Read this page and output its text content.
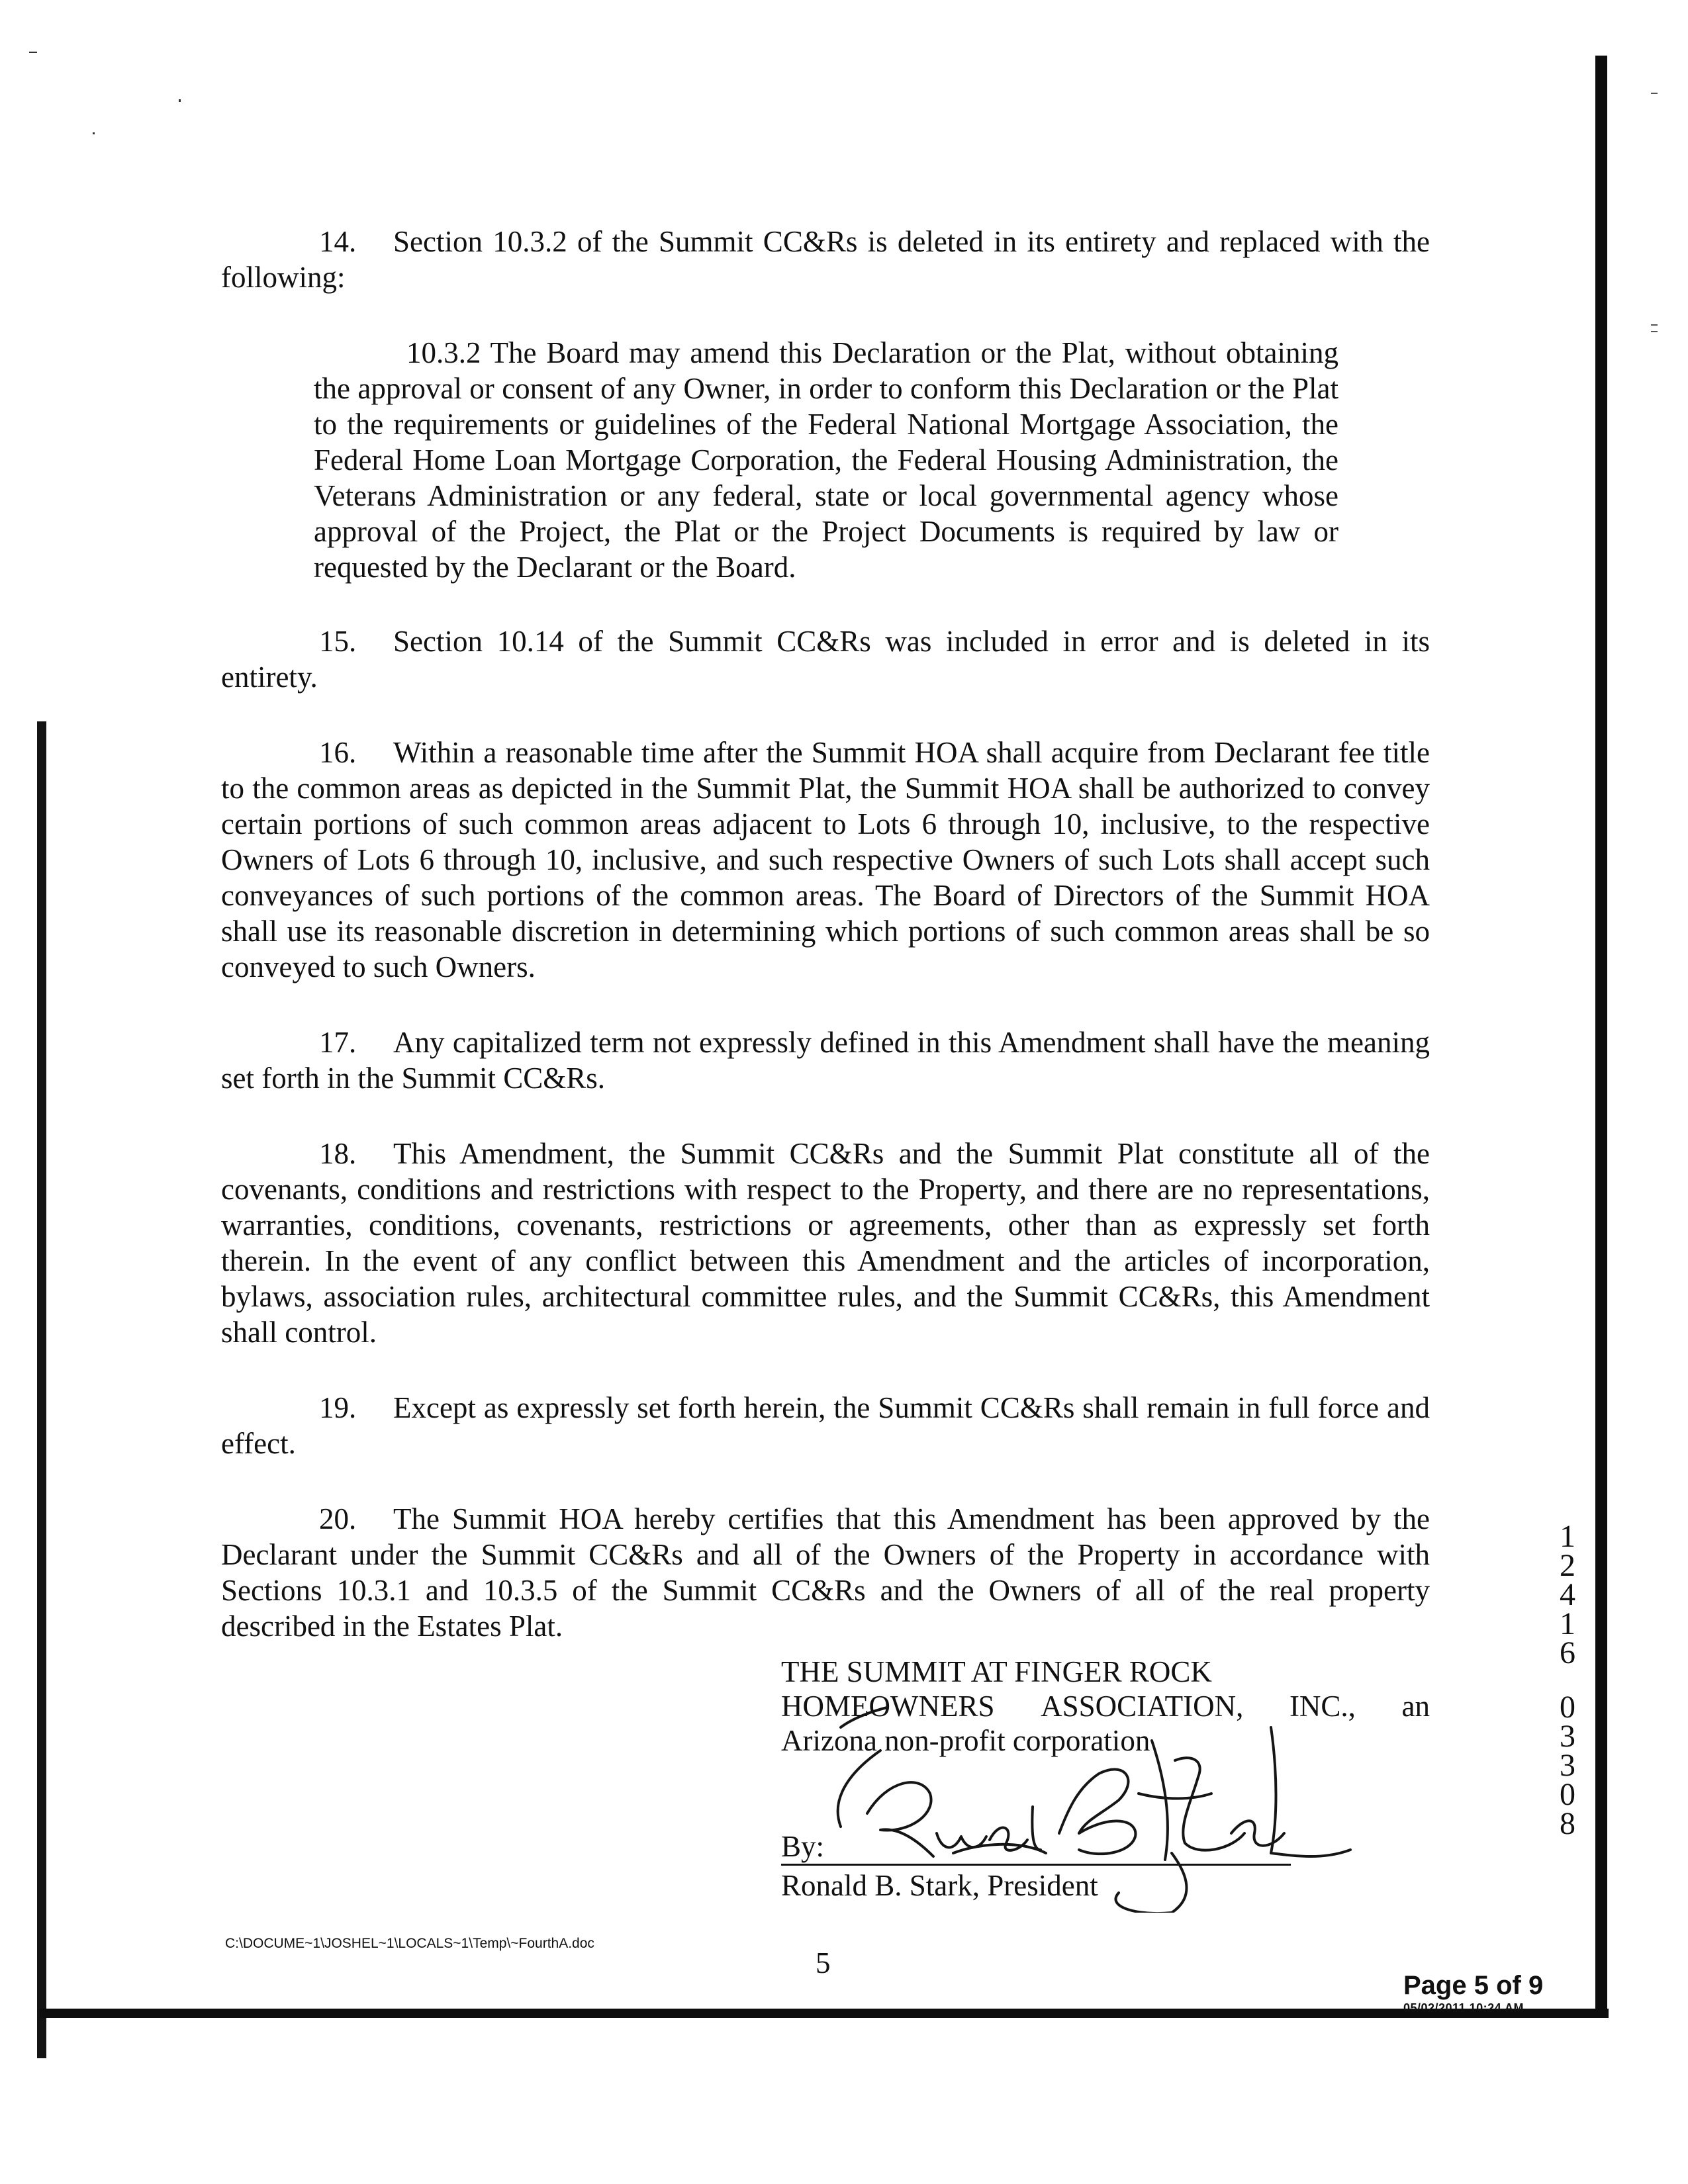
14. Section 10.3.2 of the Summit CC&Rs is deleted in its entirety and replaced with the following:

10.3.2 The Board may amend this Declaration or the Plat, without obtaining the approval or consent of any Owner, in order to conform this Declaration or the Plat to the requirements or guidelines of the Federal National Mortgage Association, the Federal Home Loan Mortgage Corporation, the Federal Housing Administration, the Veterans Administration or any federal, state or local governmental agency whose approval of the Project, the Plat or the Project Documents is required by law or requested by the Declarant or the Board.

15. Section 10.14 of the Summit CC&Rs was included in error and is deleted in its entirety.

16. Within a reasonable time after the Summit HOA shall acquire from Declarant fee title to the common areas as depicted in the Summit Plat, the Summit HOA shall be authorized to convey certain portions of such common areas adjacent to Lots 6 through 10, inclusive, to the respective Owners of Lots 6 through 10, inclusive, and such respective Owners of such Lots shall accept such conveyances of such portions of the common areas. The Board of Directors of the Summit HOA shall use its reasonable discretion in determining which portions of such common areas shall be so conveyed to such Owners.

17. Any capitalized term not expressly defined in this Amendment shall have the meaning set forth in the Summit CC&Rs.

18. This Amendment, the Summit CC&Rs and the Summit Plat constitute all of the covenants, conditions and restrictions with respect to the Property, and there are no representations, warranties, conditions, covenants, restrictions or agreements, other than as expressly set forth therein. In the event of any conflict between this Amendment and the articles of incorporation, bylaws, association rules, architectural committee rules, and the Summit CC&Rs, this Amendment shall control.

19. Except as expressly set forth herein, the Summit CC&Rs shall remain in full force and effect.

20. The Summit HOA hereby certifies that this Amendment has been approved by the Declarant under the Summit CC&Rs and all of the Owners of the Property in accordance with Sections 10.3.1 and 10.3.5 of the Summit CC&Rs and the Owners of all of the real property described in the Estates Plat.

THE SUMMIT AT FINGER ROCK
HOMEOWNERS ASSOCIATION, INC., an
Arizona non-profit corporation
By:
Ronald B. Stark, President
C:\DOCUME~1\JOSHEL~1\LOCALS~1\Temp\~FourthA.doc
5
1
2
4
1
6
0
3
3
0
8
Page 5 of 9
05/02/2011 10:24 AM
